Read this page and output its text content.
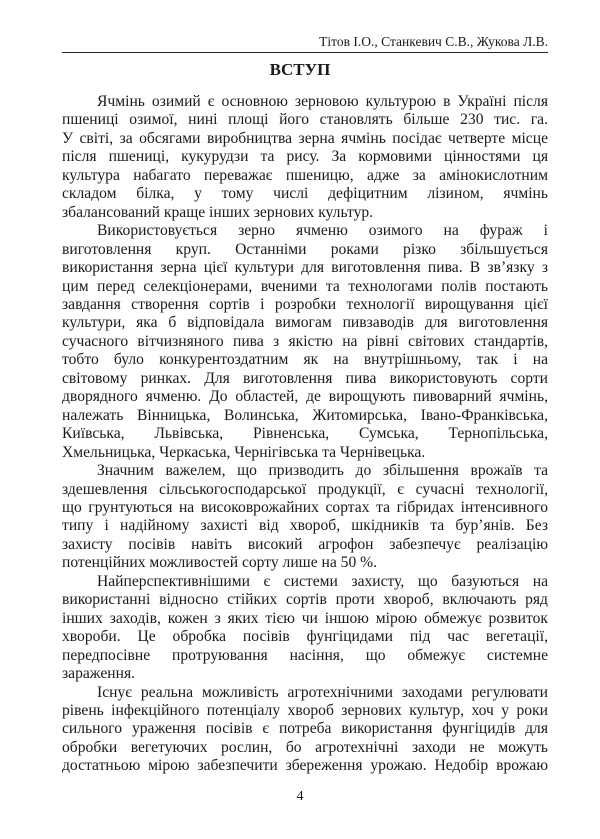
Тітов І.О., Станкевич С.В., Жукова Л.В.
ВСТУП
Ячмінь озимий є основною зерновою культурою в Україні після
пшениці озимої, нині площі його становлять більше 230 тис. га.
У світі, за обсягами виробництва зерна ячмінь посідає четверте місце
після пшениці, кукурудзи та рису. За кормовими цінностями ця
культура набагато переважає пшеницю, адже за амінокислотним
складом білка, у тому числі дефіцитним лізином, ячмінь
збалансований краще інших зернових культур.
Використовується зерно ячменю озимого на фураж і
виготовлення круп. Останніми роками різко збільшується
використання зерна цієї культури для виготовлення пива. В зв’язку з
цим перед селекціонерами, вченими та технологами полів постають
завдання створення сортів і розробки технології вирощування цієї
культури, яка б відповідала вимогам пивзаводів для виготовлення
сучасного вітчизняного пива з якістю на рівні світових стандартів,
тобто було конкурентоздатним як на внутрішньому, так і на
світовому ринках. Для виготовлення пива використовують сорти
дворядного ячменю. До областей, де вирощують пивоварний ячмінь,
належать Вінницька, Волинська, Житомирська, Івано-Франківська,
Київська, Львівська, Рівненська, Сумська, Тернопільська,
Хмельницька, Черкаська, Чернігівська та Чернівецька.
Значним важелем, що призводить до збільшення врожаїв та
здешевлення сільськогосподарської продукції, є сучасні технології,
що грунтуються на високоврожайних сортах та гібридах інтенсивного
типу і надійному захисті від хвороб, шкідників та бур’янів. Без
захисту посівів навіть високий агрофон забезпечує реалізацію
потенційних можливостей сорту лише на 50 %.
Найперспективнішими є системи захисту, що базуються на
використанні відносно стійких сортів проти хвороб, включають ряд
інших заходів, кожен з яких тією чи іншою мірою обмежує розвиток
хвороби. Це обробка посівів фунгіцидами під час вегетації,
передпосівне протруювання насіння, що обмежує системне
зараження.
Існує реальна можливість агротехнічними заходами регулювати
рівень інфекційного потенціалу хвороб зернових культур, хоч у роки
сильного ураження посівів є потреба використання фунгіцидів для
обробки вегетуючих рослин, бо агротехнічні заходи не можуть
достатньою мірою забезпечити збереження урожаю. Недобір врожаю
4
